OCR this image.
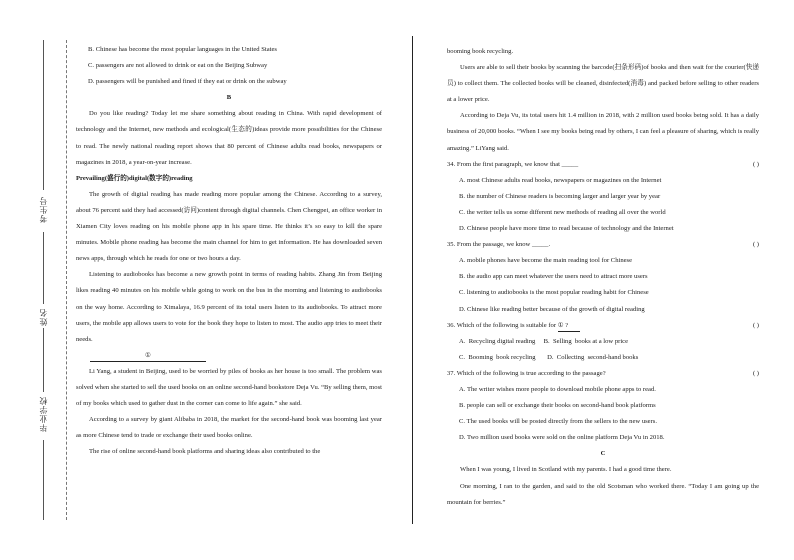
考生号
姓名
毕业学校

B. Chinese has become the most popular languages in the United States

C. passengers are not allowed to drink or eat on the Beijing Subway

D. passengers will be punished and fined if they eat or drink on the subway

B

Do you like reading? Today let me share something about reading in China. With rapid development of technology and the Internet, new methods and ecological(生态的)ideas provide more possibilities for the Chinese to read. The newly national reading report shows that 80 percent of Chinese adults read books, newspapers or magazines in 2018, a year-on-year increase.

Prevailing(盛行的)digital(数字的)reading

The growth of digital reading has made reading more popular among the Chinese. According to a survey, about 76 percent said they had accessed(访问)content through digital channels. Chen Chengpei, an office worker in Xiamen City loves reading on his mobile phone app in his spare time. He thinks it’s so easy to kill the spare minutes. Mobile phone reading has become the main channel for him to get information. He has downloaded seven news apps, through which he reads for one or two hours a day.

Listening to audiobooks has become a new growth point in terms of reading habits. Zhang Jin from Beijing likes reading 40 minutes on his mobile while going to work on the bus in the morning and listening to audiobooks on the way home. According to Ximalaya, 16.9 percent of its total users listen to its audiobooks. To attract more users, the mobile app allows users to vote for the book they hope to listen to most. The audio app tries to meet their needs.

①

Li Yang, a student in Beijing, used to be worried by piles of books as her house is too small. The problem was solved when she started to sell the used books on an online second-hand bookstore Deja Vu. “By selling them, most of my books which used to gather dust in the corner can come to life again.” she said.

According to a survey by giant Alibaba in 2018, the market for the second-hand book was booming last year as more Chinese tend to trade or exchange their used books online.

The rise of online second-hand book platforms and sharing ideas also contributed to the

booming book recycling.

Users are able to sell their books by scanning the barcode(扫条形码)of books and then wait for the courier(快递员) to collect them. The collected books will be cleaned, disinfected(消毒) and packed before selling to other readers at a lower price.

According to Deja Vu, its total users hit 1.4 million in 2018, with 2 million used books being sold. It has a daily business of 20,000 books. “When I see my books being read by others, I can feel a pleasure of sharing, which is really amazing.” LiYang said.

34. From the first paragraph, we know that _____	( )

A. most Chinese adults read books, newspapers or magazines on the Internet

B. the number of Chinese readers is becoming larger and larger year by year

C. the writer tells us some different new methods of reading all over the world

D. Chinese people have more time to read because of technology and the Internet

35. From the passage, we know _____.	( )

A. mobile phones have become the main reading tool for Chinese

B. the audio app can meet whatever the users need to attract more users

C. listening to audiobooks is the most popular reading habit for Chinese

D. Chinese like reading better because of the growth of digital reading

36. Which of the following is suitable for ① ?	( )

A.  Recycling digital reading     B.  Selling  books at a low price

C.  Booming  book recycling       D.  Collecting  second-hand books

37. Which of the following is true according to the passage?	( )

A. The writer wishes more people to download mobile phone apps to read.

B. people can sell or exchange their books on second-hand book platforms

C. The used books will be posted directly from the sellers to the new users.

D. Two million used books were sold on the online platform Deja Vu in 2018.

C

When I was young, I lived in Scotland with my parents. I had a good time there.

One morning, I ran to the garden, and said to the old Scotsman who worked there. “Today I am going up the mountain for berries.”
